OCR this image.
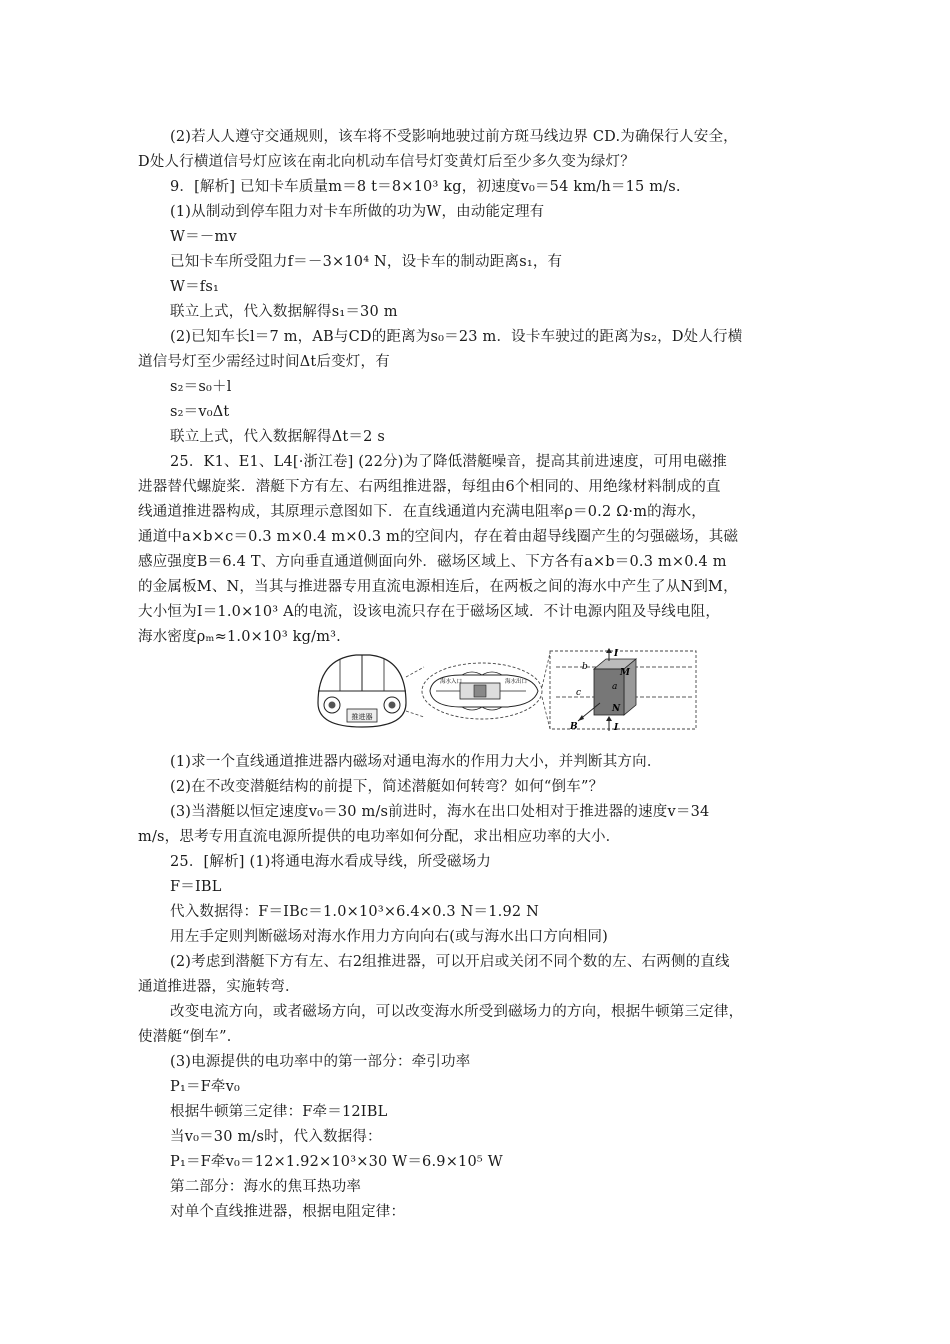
(2)若人人遵守交通规则，该车将不受影响地驶过前方斑马线边界 CD.为确保行人安全，
D处人行横道信号灯应该在南北向机动车信号灯变黄灯后至少多久变为绿灯？
9．[解析] 已知卡车质量m＝8 t＝8×10³ kg，初速度v₀＝54 km/h＝15 m/s.
(1)从制动到停车阻力对卡车所做的功为W，由动能定理有
W＝－mv
已知卡车所受阻力f＝－3×10⁴ N，设卡车的制动距离s₁，有
W＝fs₁
联立上式，代入数据解得s₁＝30 m
(2)已知车长l＝7 m，AB与CD的距离为s₀＝23 m．设卡车驶过的距离为s₂，D处人行横
道信号灯至少需经过时间Δt后变灯，有
s₂＝s₀＋l
s₂＝v₀Δt
联立上式，代入数据解得Δt＝2 s
25．K1、E1、L4[·浙江卷] (22分)为了降低潜艇噪音，提高其前进速度，可用电磁推
进器替代螺旋桨．潜艇下方有左、右两组推进器，每组由6个相同的、用绝缘材料制成的直
线通道推进器构成，其原理示意图如下．在直线通道内充满电阻率ρ＝0.2 Ω·m的海水，
通道中a×b×c＝0.3 m×0.4 m×0.3 m的空间内，存在着由超导线圈产生的匀强磁场，其磁
感应强度B＝6.4 T、方向垂直通道侧面向外．磁场区域上、下方各有a×b＝0.3 m×0.4 m
的金属板M、N，当其与推进器专用直流电源相连后，在两板之间的海水中产生了从N到M，
大小恒为I＝1.0×10³ A的电流，设该电流只存在于磁场区域．不计电源内阻及导线电阻，
海水密度ρₘ≈1.0×10³ kg/m³.
推进器
海水入口	海水出口
I
I
b
c
a
M
N
B
(1)求一个直线通道推进器内磁场对通电海水的作用力大小，并判断其方向．
(2)在不改变潜艇结构的前提下，简述潜艇如何转弯？如何“倒车”？
(3)当潜艇以恒定速度v₀＝30 m/s前进时，海水在出口处相对于推进器的速度v＝34
m/s，思考专用直流电源所提供的电功率如何分配，求出相应功率的大小．
25．[解析] (1)将通电海水看成导线，所受磁场力
F＝IBL
代入数据得：F＝IBc＝1.0×10³×6.4×0.3 N＝1.92 N
用左手定则判断磁场对海水作用力方向向右(或与海水出口方向相同)
(2)考虑到潜艇下方有左、右2组推进器，可以开启或关闭不同个数的左、右两侧的直线
通道推进器，实施转弯．
改变电流方向，或者磁场方向，可以改变海水所受到磁场力的方向，根据牛顿第三定律，
使潜艇“倒车”．
(3)电源提供的电功率中的第一部分：牵引功率
P₁＝F牵v₀
根据牛顿第三定律：F牵＝12IBL
当v₀＝30 m/s时，代入数据得：
P₁＝F牵v₀＝12×1.92×10³×30 W＝6.9×10⁵ W
第二部分：海水的焦耳热功率
对单个直线推进器，根据电阻定律：
